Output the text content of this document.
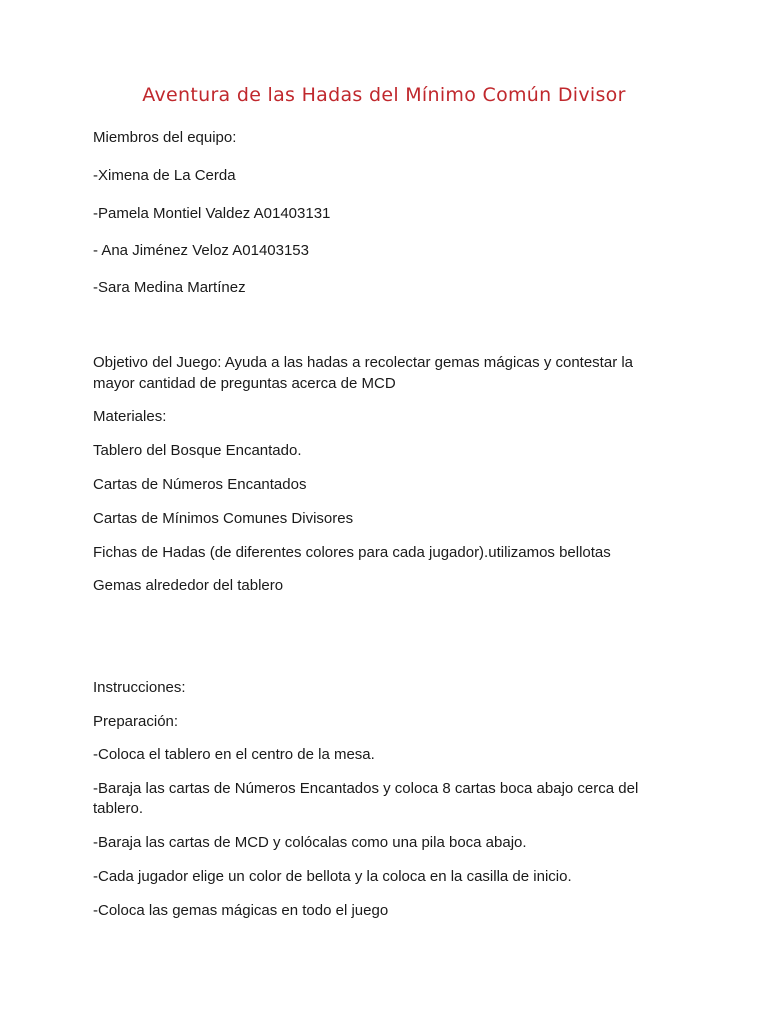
Aventura de las Hadas del Mínimo Común Divisor
Miembros del equipo:
-Ximena de La Cerda
-Pamela Montiel Valdez A01403131
- Ana Jiménez Veloz A01403153
-Sara Medina Martínez
Objetivo del Juego: Ayuda a las hadas a recolectar gemas mágicas y contestar la
mayor cantidad de preguntas acerca de MCD
Materiales:
Tablero del Bosque Encantado.
Cartas de Números Encantados
Cartas de Mínimos Comunes Divisores
Fichas de Hadas (de diferentes colores para cada jugador).utilizamos bellotas
Gemas alrededor del tablero
Instrucciones:
Preparación:
-Coloca el tablero en el centro de la mesa.
-Baraja las cartas de Números Encantados y coloca 8 cartas boca abajo cerca del
tablero.
-Baraja las cartas de MCD y colócalas como una pila boca abajo.
-Cada jugador elige un color de bellota y la coloca en la casilla de inicio.
-Coloca las gemas mágicas en todo el juego
